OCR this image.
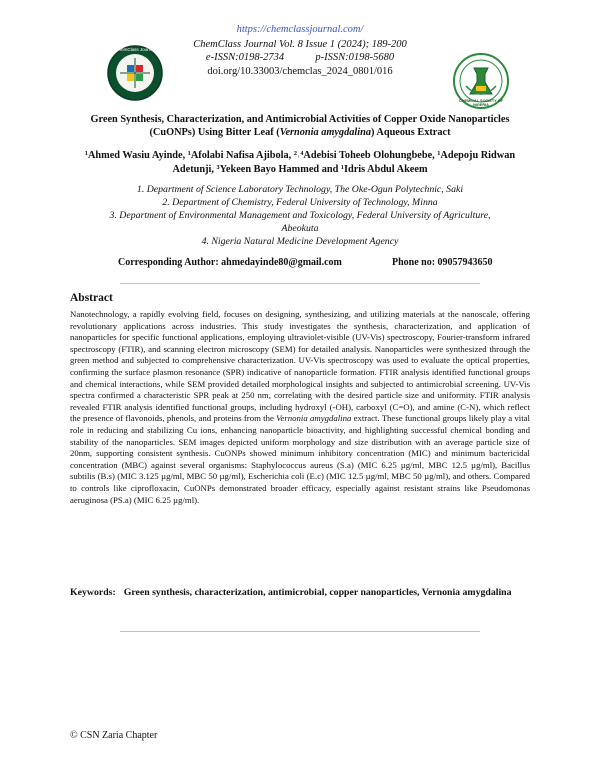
https://chemclassjournal.com/
ChemClass Journal Vol. 8 Issue 1 (2024); 189-200
e-ISSN:0198-2734	p-ISSN:0198-5680
doi.org/10.33003/chemclas_2024_0801/016
ChemClass Journal
CHEMICAL SOCIETY OF NIGERIA
Green Synthesis, Characterization, and Antimicrobial Activities of Copper Oxide Nanoparticles
(CuONPs) Using Bitter Leaf (Vernonia amygdalina) Aqueous Extract
¹Ahmed Wasiu Ayinde, ¹Afolabi Nafisa Ajibola, ²˒⁴Adebisi Toheeb Olohungbebe, ¹Adepoju Ridwan
Adetunji, ³Yekeen Bayo Hammed and ¹Idris Abdul Akeem
1. Department of Science Laboratory Technology, The Oke-Ogun Polytechnic, Saki
2. Department of Chemistry, Federal University of Technology, Minna
3. Department of Environmental Management and Toxicology, Federal University of Agriculture,
Abeokuta
4. Nigeria Natural Medicine Development Agency
Corresponding Author: ahmedayinde80@gmail.com	Phone no: 09057943650
Abstract
Nanotechnology, a rapidly evolving field, focuses on designing, synthesizing, and utilizing materials at the nanoscale, offering revolutionary applications across industries. This study investigates the synthesis, characterization, and application of nanoparticles for specific functional applications, employing ultraviolet-visible (UV-Vis) spectroscopy, Fourier-transform infrared spectroscopy (FTIR), and scanning electron microscopy (SEM) for detailed analysis. Nanoparticles were synthesized through the green method and subjected to comprehensive characterization. UV-Vis spectroscopy was used to evaluate the optical properties, confirming the surface plasmon resonance (SPR) indicative of nanoparticle formation. FTIR analysis identified functional groups and chemical interactions, while SEM provided detailed morphological insights and subjected to antimicrobial screening. UV-Vis spectra confirmed a characteristic SPR peak at 250 nm, correlating with the desired particle size and uniformity. FTIR analysis revealed FTIR analysis identified functional groups, including hydroxyl (-OH), carboxyl (C=O), and amine (C-N), which reflect the presence of flavonoids, phenols, and proteins from the Vernonia amygdalina extract. These functional groups likely play a vital role in reducing and stabilizing Cu ions, enhancing nanoparticle bioactivity, and highlighting successful chemical bonding and stability of the nanoparticles. SEM images depicted uniform morphology and size distribution with an average particle size of 20nm, supporting consistent synthesis. CuONPs showed minimum inhibitory concentration (MIC) and minimum bactericidal concentration (MBC) against several organisms: Staphylococcus aureus (S.a) (MIC 6.25 µg/ml, MBC 12.5 µg/ml), Bacillus subtilis (B.s) (MIC 3.125 µg/ml, MBC 50 µg/ml), Escherichia coli (E.c) (MIC 12.5 µg/ml, MBC 50 µg/ml), and others. Compared to controls like ciprofloxacin, CuONPs demonstrated broader efficacy, especially against resistant strains like Pseudomonas aeruginosa (PS.a) (MIC 6.25 µg/ml).
Keywords: Green synthesis, characterization, antimicrobial, copper nanoparticles, Vernonia amygdalina
© CSN Zaria Chapter
